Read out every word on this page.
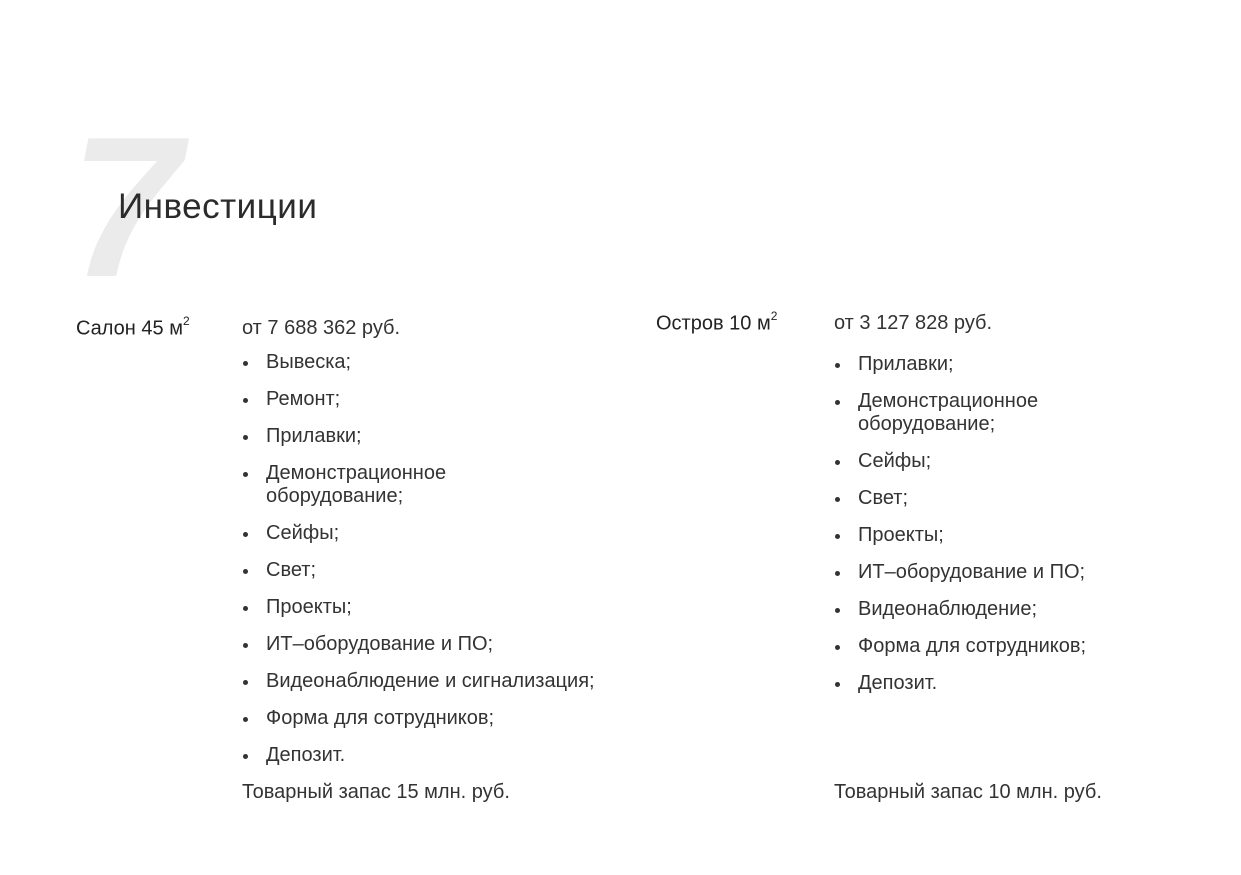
7
Инвестиции
Салон 45 $м^2$	от 7 688 362 руб.
Вывеска;
Ремонт;
Прилавки;
Демонстрационное оборудование;
Сейфы;
Свет;
Проекты;
ИТ–оборудование и ПО;
Видеонаблюдение и сигнализация;
Форма для сотрудников;
Депозит.
Товарный запас 15 млн. руб.
Остров 10 $м^2$	от 3 127 828 руб.
Прилавки;
Демонстрационное оборудование;
Сейфы;
Свет;
Проекты;
ИТ–оборудование и ПО;
Видеонаблюдение;
Форма для сотрудников;
Депозит.
Товарный запас 10 млн. руб.
